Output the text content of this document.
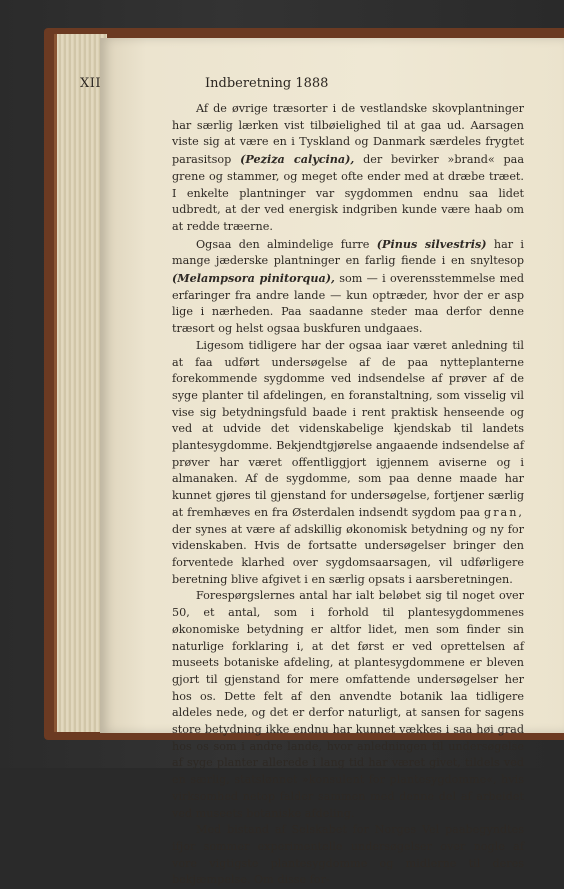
XII	Indberetning 1888

Af de øvrige træsorter i de vestlandske skovplantninger har særlig lærken vist tilbøielighed til at gaa ud. Aarsagen viste sig at være en i Tyskland og Danmark særdeles frygtet parasitsop (Peziza calycina), der bevirker »brand« paa grene og stammer, og meget ofte ender med at dræbe træet. I enkelte plantninger var sygdommen endnu saa lidet udbredt, at der ved energisk indgriben kunde være haab om at redde træerne.

Ogsaa den almindelige furre (Pinus silvestris) har i mange jæderske plantninger en farlig fiende i en snyltesop (Melampsora pinitorqua), som — i overensstemmelse med erfaringer fra andre lande — kun optræder, hvor der er asp lige i nærheden. Paa saadanne steder maa derfor denne træsort og helst ogsaa buskfuren undgaaes.

Ligesom tidligere har der ogsaa iaar været anledning til at faa udført undersøgelse af de paa nytteplanterne forekommende sygdomme ved indsendelse af prøver af de syge planter til afdelingen, en foranstaltning, som visselig vil vise sig betydningsfuld baade i rent praktisk henseende og ved at udvide det videnskabelige kjendskab til landets plantesygdomme. Bekjendtgjørelse angaaende indsendelse af prøver har været offentliggjort igjennem aviserne og i almanaken. Af de sygdomme, som paa denne maade har kunnet gjøres til gjenstand for undersøgelse, fortjener særlig at fremhæves en fra Østerdalen indsendt sygdom paa gran, der synes at være af adskillig økonomisk betydning og ny for videnskaben. Hvis de fortsatte undersøgelser bringer den forventede klarhed over sygdomsaarsagen, vil udførligere beretning blive afgivet i en særlig opsats i aarsberetningen.

Forespørgslernes antal har ialt beløbet sig til noget over 50, et antal, som i forhold til plantesygdommenes økonomiske betydning er altfor lidet, men som finder sin naturlige forklaring i, at det først er ved oprettelsen af museets botaniske afdeling, at plantesygdommene er bleven gjort til gjenstand for mere omfattende undersøgelser her hos os. Dette felt af den anvendte botanik laa tidligere aldeles nede, og det er derfor naturligt, at sansen for sagens store betydning ikke endnu har kunnet vækkes i saa høi grad hos os som i andre lande, hvor anledningen til undersøgelse af syge planter allerede i lang tid har været givet, tildels ved en særlig, statslønnet »konsulent for plantesygdomme«, hvis virksomhed netop falder sammen med denne del af arbeidet ved museets botaniske afdeling.

Med bistand af Selskabet for Norges Vel paabegyndtes ifjor sommer experimentelle undersøgelser over nogle af vore vigtigste plantesygdomme og midlerne til deres bekjæmpelse. Om disse for-
